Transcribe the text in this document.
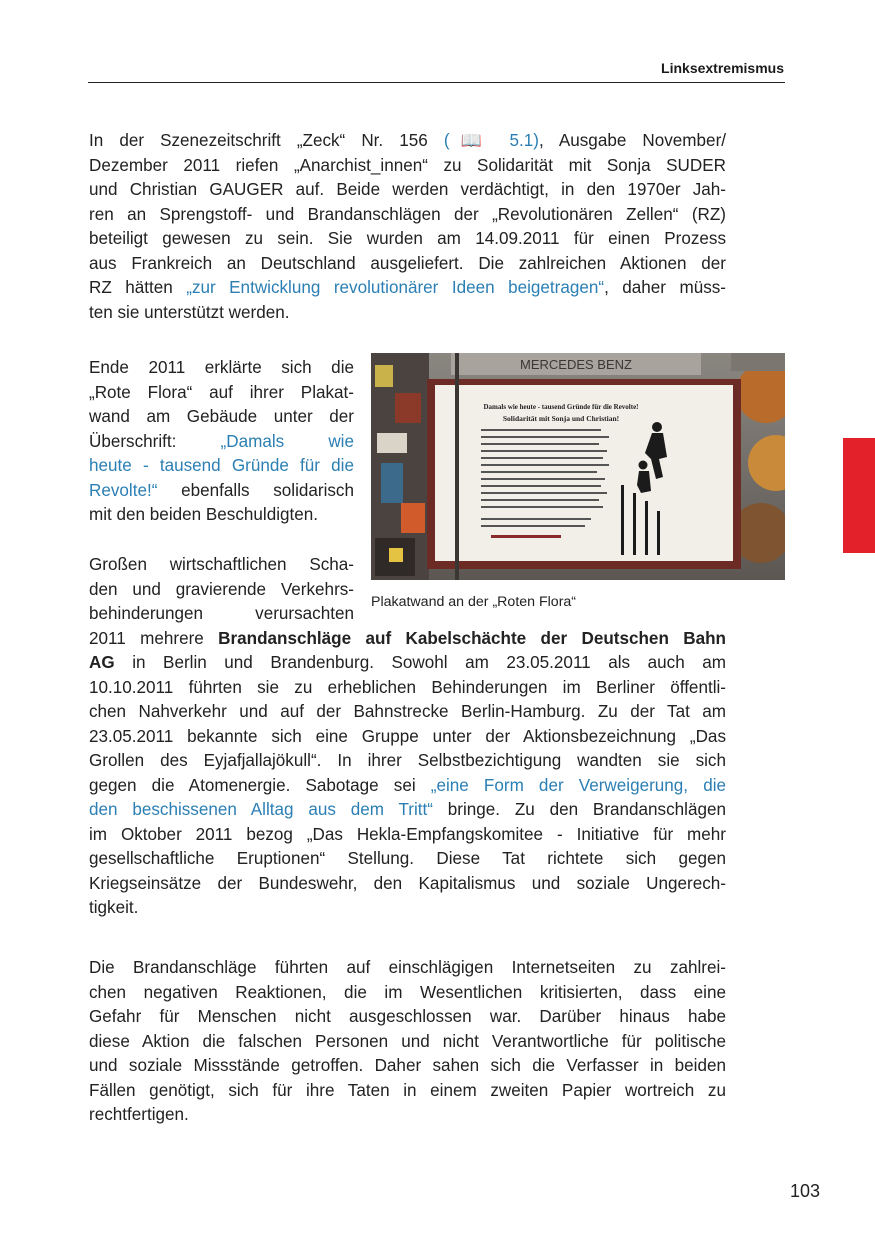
Linksextremismus
In der Szenezeitschrift „Zeck“ Nr. 156 (📖 5.1), Ausgabe November/
Dezember 2011 riefen „Anarchist_innen“ zu Solidarität mit Sonja SUDER
und Christian GAUGER auf. Beide werden verdächtigt, in den 1970er Jah-
ren an Sprengstoff- und Brandanschlägen der „Revolutionären Zellen“ (RZ)
beteiligt gewesen zu sein. Sie wurden am 14.09.2011 für einen Prozess
aus Frankreich an Deutschland ausgeliefert. Die zahlreichen Aktionen der
RZ hätten „zur Entwicklung revolutionärer Ideen beigetragen“, daher müss-
ten sie unterstützt werden.
Ende 2011 erklärte sich die
„Rote Flora“ auf ihrer Plakat-
wand am Gebäude unter der
Überschrift: „Damals wie
heute - tausend Gründe für die
Revolte!“ ebenfalls solidarisch
mit den beiden Beschuldigten.
MERCEDES BENZ
Damals wie heute - tausend Gründe für die Revolte!
Solidarität mit Sonja und Christian!
Plakatwand an der „Roten Flora“
Großen wirtschaftlichen Scha-
den und gravierende Verkehrs-
behinderungen verursachten
2011 mehrere Brandanschläge auf Kabelschächte der Deutschen Bahn
AG in Berlin und Brandenburg. Sowohl am 23.05.2011 als auch am
10.10.2011 führten sie zu erheblichen Behinderungen im Berliner öffentli-
chen Nahverkehr und auf der Bahnstrecke Berlin-Hamburg. Zu der Tat am
23.05.2011 bekannte sich eine Gruppe unter der Aktionsbezeichnung „Das
Grollen des Eyjafjallajökull“. In ihrer Selbstbezichtigung wandten sie sich
gegen die Atomenergie. Sabotage sei „eine Form der Verweigerung, die
den beschissenen Alltag aus dem Tritt“ bringe. Zu den Brandanschlägen
im Oktober 2011 bezog „Das Hekla-Empfangskomitee - Initiative für mehr
gesellschaftliche Eruptionen“ Stellung. Diese Tat richtete sich gegen
Kriegseinsätze der Bundeswehr, den Kapitalismus und soziale Ungerech-
tigkeit.
Die Brandanschläge führten auf einschlägigen Internetseiten zu zahlrei-
chen negativen Reaktionen, die im Wesentlichen kritisierten, dass eine
Gefahr für Menschen nicht ausgeschlossen war. Darüber hinaus habe
diese Aktion die falschen Personen und nicht Verantwortliche für politische
und soziale Missstände getroffen. Daher sahen sich die Verfasser in beiden
Fällen genötigt, sich für ihre Taten in einem zweiten Papier wortreich zu
rechtfertigen.
103
